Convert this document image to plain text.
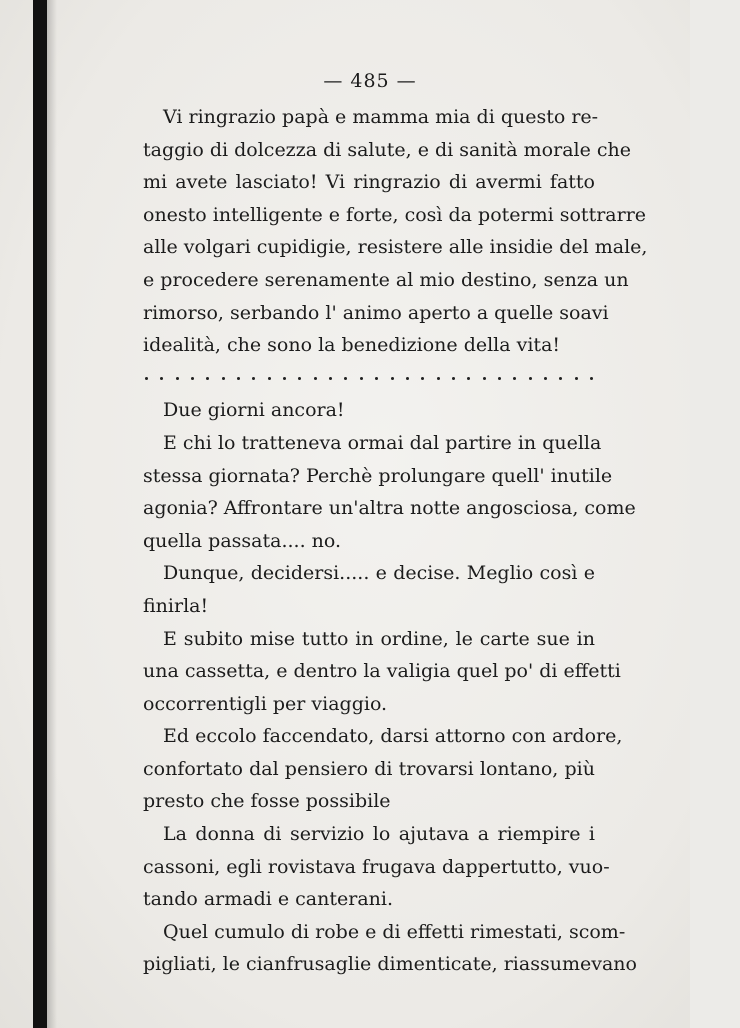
— 485 —
Vi ringrazio papà e mamma mia di questo re-
taggio di dolcezza di salute, e di sanità morale che
mi avete lasciato! Vi ringrazio di avermi fatto
onesto intelligente e forte, così da potermi sottrarre
alle volgari cupidigie, resistere alle insidie del male,
e procedere serenamente al mio destino, senza un
rimorso, serbando l' animo aperto a quelle soavi
idealità, che sono la benedizione della vita!
Due giorni ancora!
E chi lo tratteneva ormai dal partire in quella
stessa giornata? Perchè prolungare quell' inutile
agonia? Affrontare un'altra notte angosciosa, come
quella passata.... no.
Dunque, decidersi..... e decise. Meglio così e
finirla!
E subito mise tutto in ordine, le carte sue in
una cassetta, e dentro la valigia quel po' di effetti
occorrentigli per viaggio.
Ed eccolo faccendato, darsi attorno con ardore,
confortato dal pensiero di trovarsi lontano, più
presto che fosse possibile
La donna di servizio lo ajutava a riempire i
cassoni, egli rovistava frugava dappertutto, vuo-
tando armadi e canterani.
Quel cumulo di robe e di effetti rimestati, scom-
pigliati, le cianfrusaglie dimenticate, riassumevano
